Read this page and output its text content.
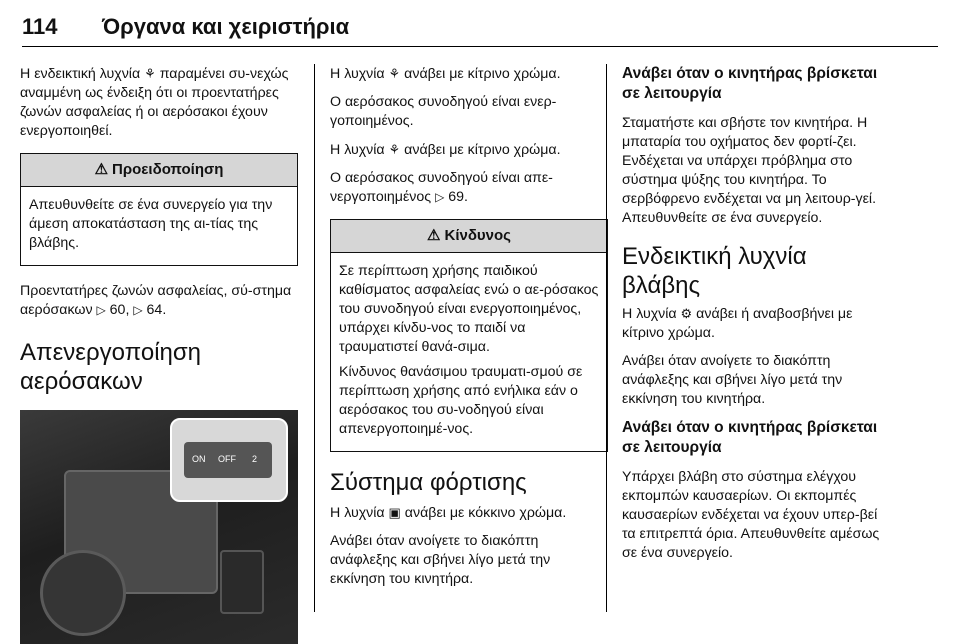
114 Όργανα και χειριστήρια

Η ενδεικτική λυχνία ⚘ παραμένει συ-νεχώς αναμμένη ως ένδειξη ότι οι προεντατήρες ζωνών ασφαλείας ή οι αερόσακοι έχουν ενεργοποιηθεί.

⚠ Προειδοποίηση

Απευθυνθείτε σε ένα συνεργείο για την άμεση αποκατάσταση της αι-τίας της βλάβης.

Προεντατήρες ζωνών ασφαλείας, σύ-στημα αερόσακων ▷ 60, ▷ 64.

Απενεργοποίηση αερόσακων
ON OFF 2

Η λυχνία ⚘ ανάβει με κίτρινο χρώμα.

Ο αερόσακος συνοδηγού είναι ενερ-γοποιημένος.

Η λυχνία ⚘ ανάβει με κίτρινο χρώμα.

Ο αερόσακος συνοδηγού είναι απε-νεργοποιημένος ▷ 69.

⚠ Κίνδυνος

Σε περίπτωση χρήσης παιδικού καθίσματος ασφαλείας ενώ ο αε-ρόσακος του συνοδηγού είναι ενεργοποιημένος, υπάρχει κίνδυ-νος το παιδί να τραυματιστεί θανά-σιμα.

Κίνδυνος θανάσιμου τραυματι-σμού σε περίπτωση χρήσης από ενήλικα εάν ο αερόσακος του συ-νοδηγού είναι απενεργοποιημέ-νος.

Σύστημα φόρτισης

Η λυχνία ▣ ανάβει με κόκκινο χρώμα.

Ανάβει όταν ανοίγετε το διακόπτη ανάφλεξης και σβήνει λίγο μετά την εκκίνηση του κινητήρα.

Ανάβει όταν ο κινητήρας βρίσκεται σε λειτουργία

Σταματήστε και σβήστε τον κινητήρα. Η μπαταρία του οχήματος δεν φορτί-ζει. Ενδέχεται να υπάρχει πρόβλημα στο σύστημα ψύξης του κινητήρα. Το σερβόφρενο ενδέχεται να μη λειτουρ-γεί. Απευθυνθείτε σε ένα συνεργείο.

Ενδεικτική λυχνία βλάβης

Η λυχνία ⚙ ανάβει ή αναβοσβήνει με κίτρινο χρώμα.

Ανάβει όταν ανοίγετε το διακόπτη ανάφλεξης και σβήνει λίγο μετά την εκκίνηση του κινητήρα.

Ανάβει όταν ο κινητήρας βρίσκεται σε λειτουργία

Υπάρχει βλάβη στο σύστημα ελέγχου εκπομπών καυσαερίων. Οι εκπομπές καυσαερίων ενδέχεται να έχουν υπερ-βεί τα επιτρεπτά όρια. Απευθυνθείτε αμέσως σε ένα συνεργείο.
